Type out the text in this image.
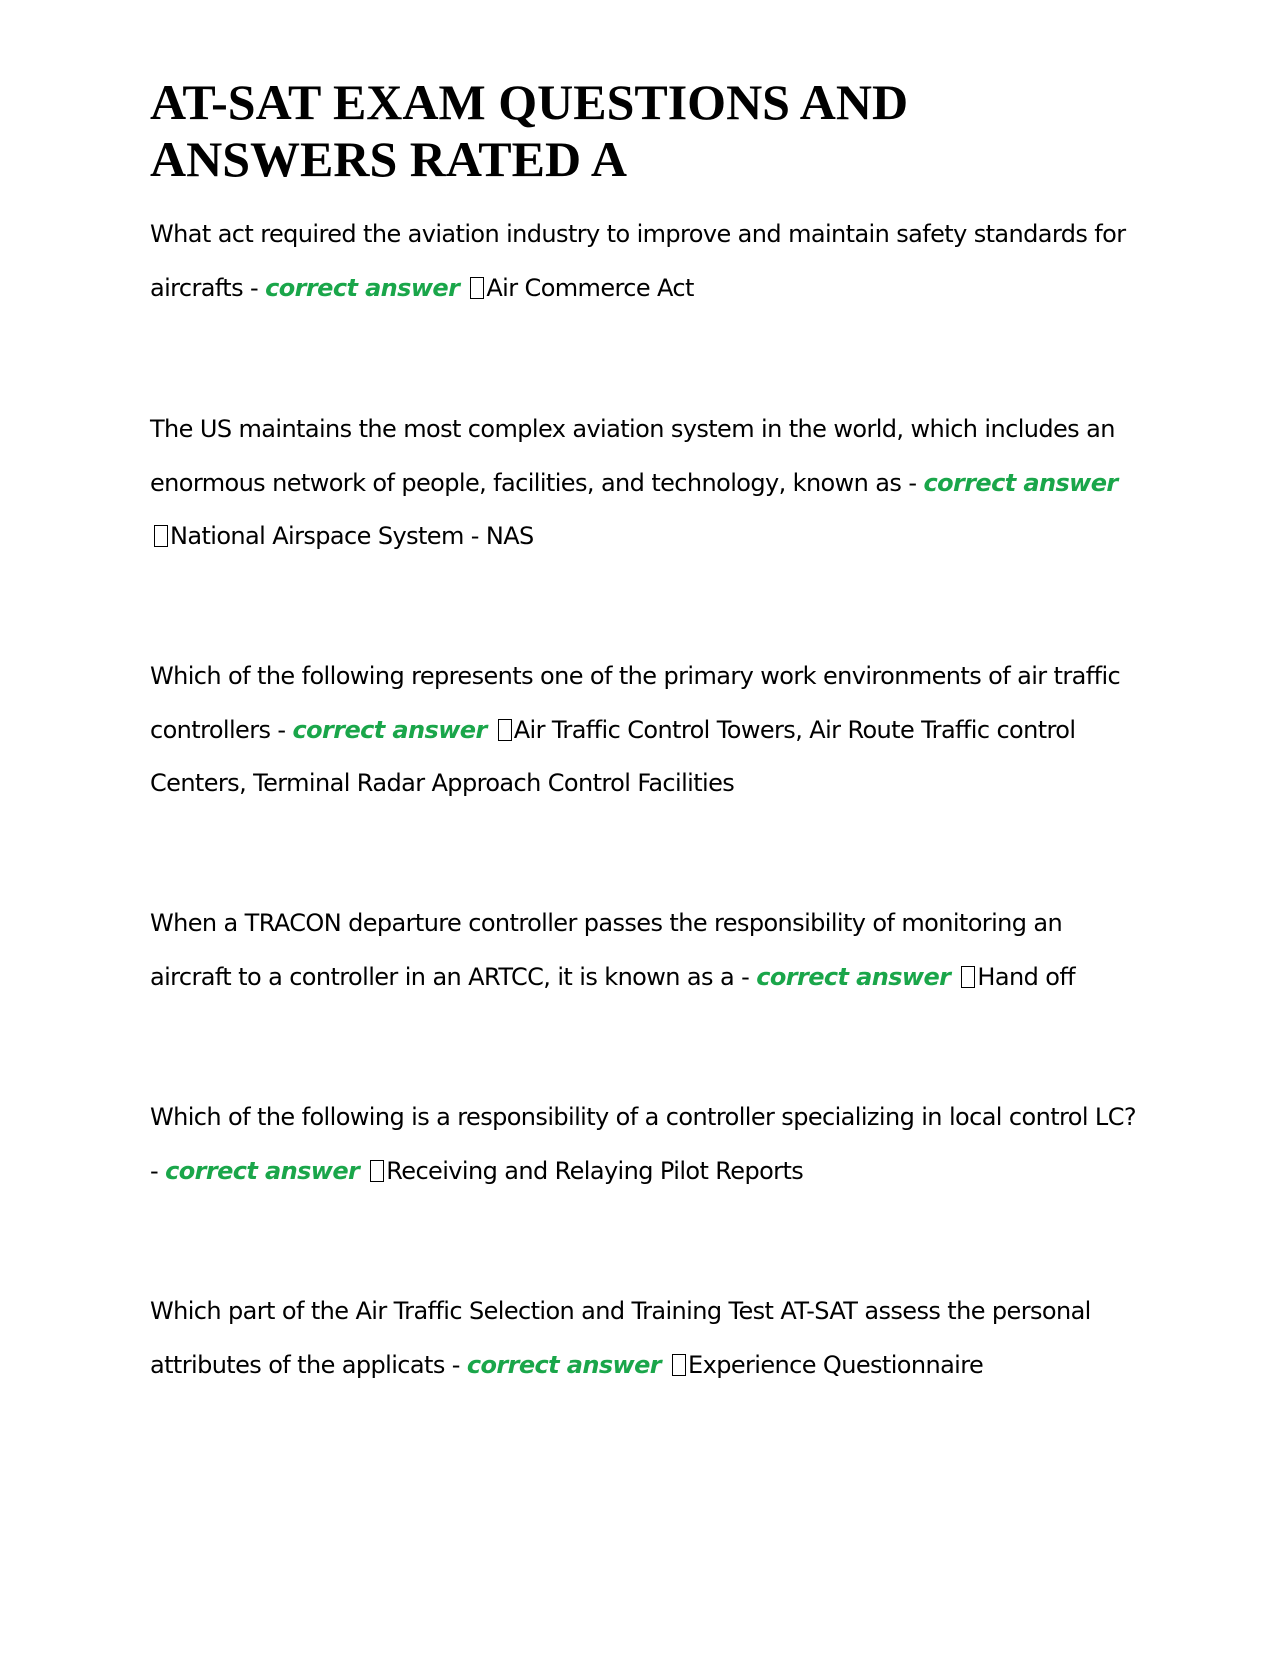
AT-SAT EXAM QUESTIONS AND ANSWERS RATED A

What act required the aviation industry to improve and maintain safety standards for aircrafts - correct answer Air Commerce Act

The US maintains the most complex aviation system in the world, which includes an enormous network of people, facilities, and technology, known as - correct answer National Airspace System - NAS

Which of the following represents one of the primary work environments of air traffic controllers - correct answer Air Traffic Control Towers, Air Route Traffic control Centers, Terminal Radar Approach Control Facilities

When a TRACON departure controller passes the responsibility of monitoring an aircraft to a controller in an ARTCC, it is known as a - correct answer Hand off

Which of the following is a responsibility of a controller specializing in local control LC? - correct answer Receiving and Relaying Pilot Reports

Which part of the Air Traffic Selection and Training Test AT-SAT assess the personal attributes of the applicats - correct answer Experience Questionnaire
